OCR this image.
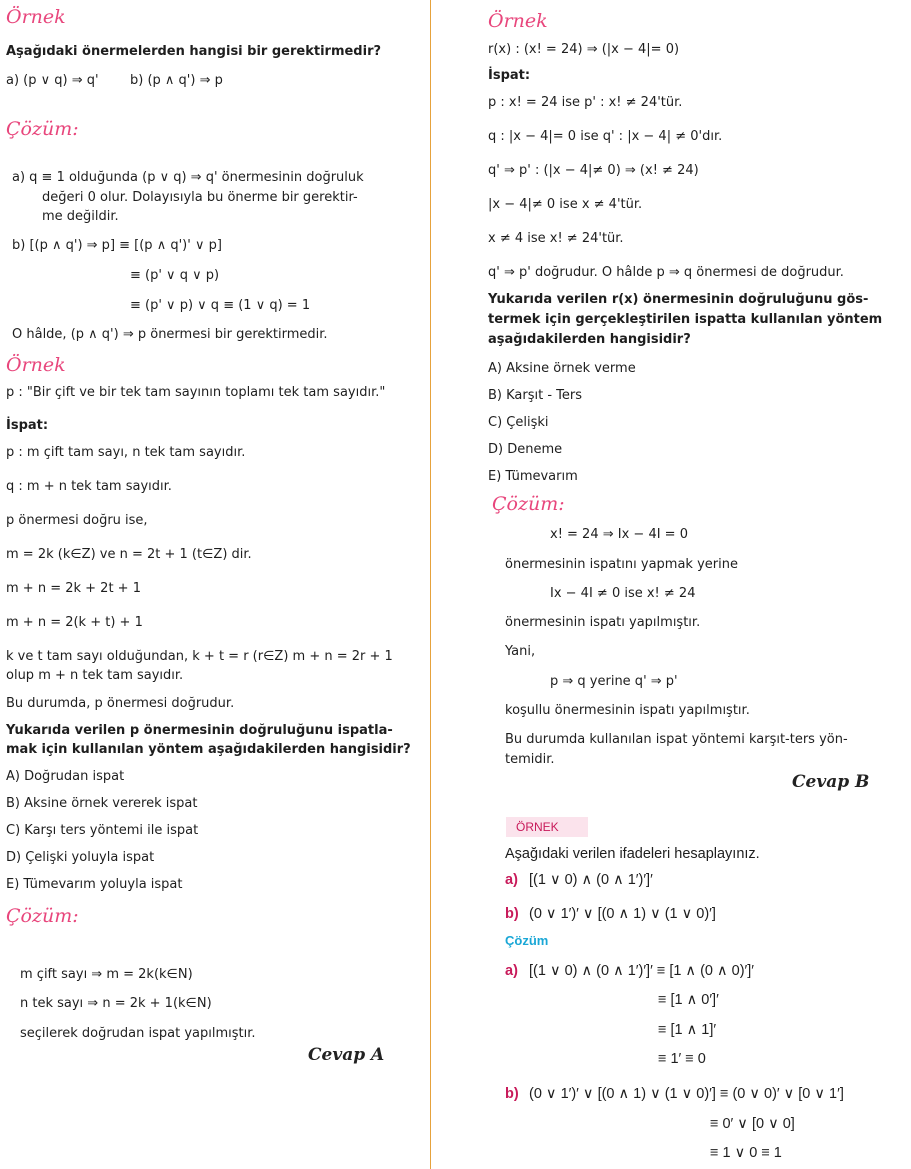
Örnek
Aşağıdaki önermelerden hangisi bir gerektirmedir?
a) (p ∨ q) ⇒ q' b) (p ∧ q') ⇒ p
Çözüm:
a) q ≡ 1 olduğunda (p ∨ q) ⇒ q' önermesinin doğruluk
değeri 0 olur. Dolayısıyla bu önerme bir gerektir-
me değildir.
b) [(p ∧ q') ⇒ p] ≡ [(p ∧ q')' ∨ p]
≡ (p' ∨ q ∨ p)
≡ (p' ∨ p) ∨ q ≡ (1 ∨ q) = 1
O hâlde, (p ∧ q') ⇒ p önermesi bir gerektirmedir.
Örnek
p : "Bir çift ve bir tek tam sayının toplamı tek tam sayıdır."
İspat:
p : m çift tam sayı, n tek tam sayıdır.
q : m + n tek tam sayıdır.
p önermesi doğru ise,
m = 2k (k∈Z) ve n = 2t + 1 (t∈Z) dir.
m + n = 2k + 2t + 1
m + n = 2(k + t) + 1
k ve t tam sayı olduğundan, k + t = r (r∈Z) m + n = 2r + 1
olup m + n tek tam sayıdır.
Bu durumda, p önermesi doğrudur.
Yukarıda verilen p önermesinin doğruluğunu ispatla-
mak için kullanılan yöntem aşağıdakilerden hangisidir?
A) Doğrudan ispat
B) Aksine örnek vererek ispat
C) Karşı ters yöntemi ile ispat
D) Çelişki yoluyla ispat
E) Tümevarım yoluyla ispat
Çözüm:
m çift sayı ⇒ m = 2k(k∈N)
n tek sayı ⇒ n = 2k + 1(k∈N)
seçilerek doğrudan ispat yapılmıştır.
Cevap A
Örnek
r(x) : (x! = 24) ⇒ (|x − 4|= 0)
İspat:
p : x! = 24 ise p' : x! ≠ 24'tür.
q : |x − 4|= 0 ise q' : |x − 4| ≠ 0'dır.
q' ⇒ p' : (|x − 4|≠ 0) ⇒ (x! ≠ 24)
|x − 4|≠ 0 ise x ≠ 4'tür.
x ≠ 4 ise x! ≠ 24'tür.
q' ⇒ p' doğrudur. O hâlde p ⇒ q önermesi de doğrudur.
Yukarıda verilen r(x) önermesinin doğruluğunu gös-
termek için gerçekleştirilen ispatta kullanılan yöntem
aşağıdakilerden hangisidir?
A) Aksine örnek verme
B) Karşıt - Ters
C) Çelişki
D) Deneme
E) Tümevarım
Çözüm:
x! = 24 ⇒ Ix − 4I = 0
önermesinin ispatını yapmak yerine
Ix − 4I ≠ 0 ise x! ≠ 24
önermesinin ispatı yapılmıştır.
Yani,
p ⇒ q yerine q' ⇒ p'
koşullu önermesinin ispatı yapılmıştır.
Bu durumda kullanılan ispat yöntemi karşıt-ters yön-
temidir.
Cevap B
ÖRNEK
Aşağıdaki verilen ifadeleri hesaplayınız.
a) [(1 ∨ 0) ∧ (0 ∧ 1′)′]′
b) (0 ∨ 1′)′ ∨ [(0 ∧ 1) ∨ (1 ∨ 0)′]
Çözüm
a) [(1 ∨ 0) ∧ (0 ∧ 1′)′]′ ≡ [1 ∧ (0 ∧ 0)′]′
≡ [1 ∧ 0′]′
≡ [1 ∧ 1]′
≡ 1′ ≡ 0
b) (0 ∨ 1′)′ ∨ [(0 ∧ 1) ∨ (1 ∨ 0)′] ≡ (0 ∨ 0)′ ∨ [0 ∨ 1′]
≡ 0′ ∨ [0 ∨ 0]
≡ 1 ∨ 0 ≡ 1
